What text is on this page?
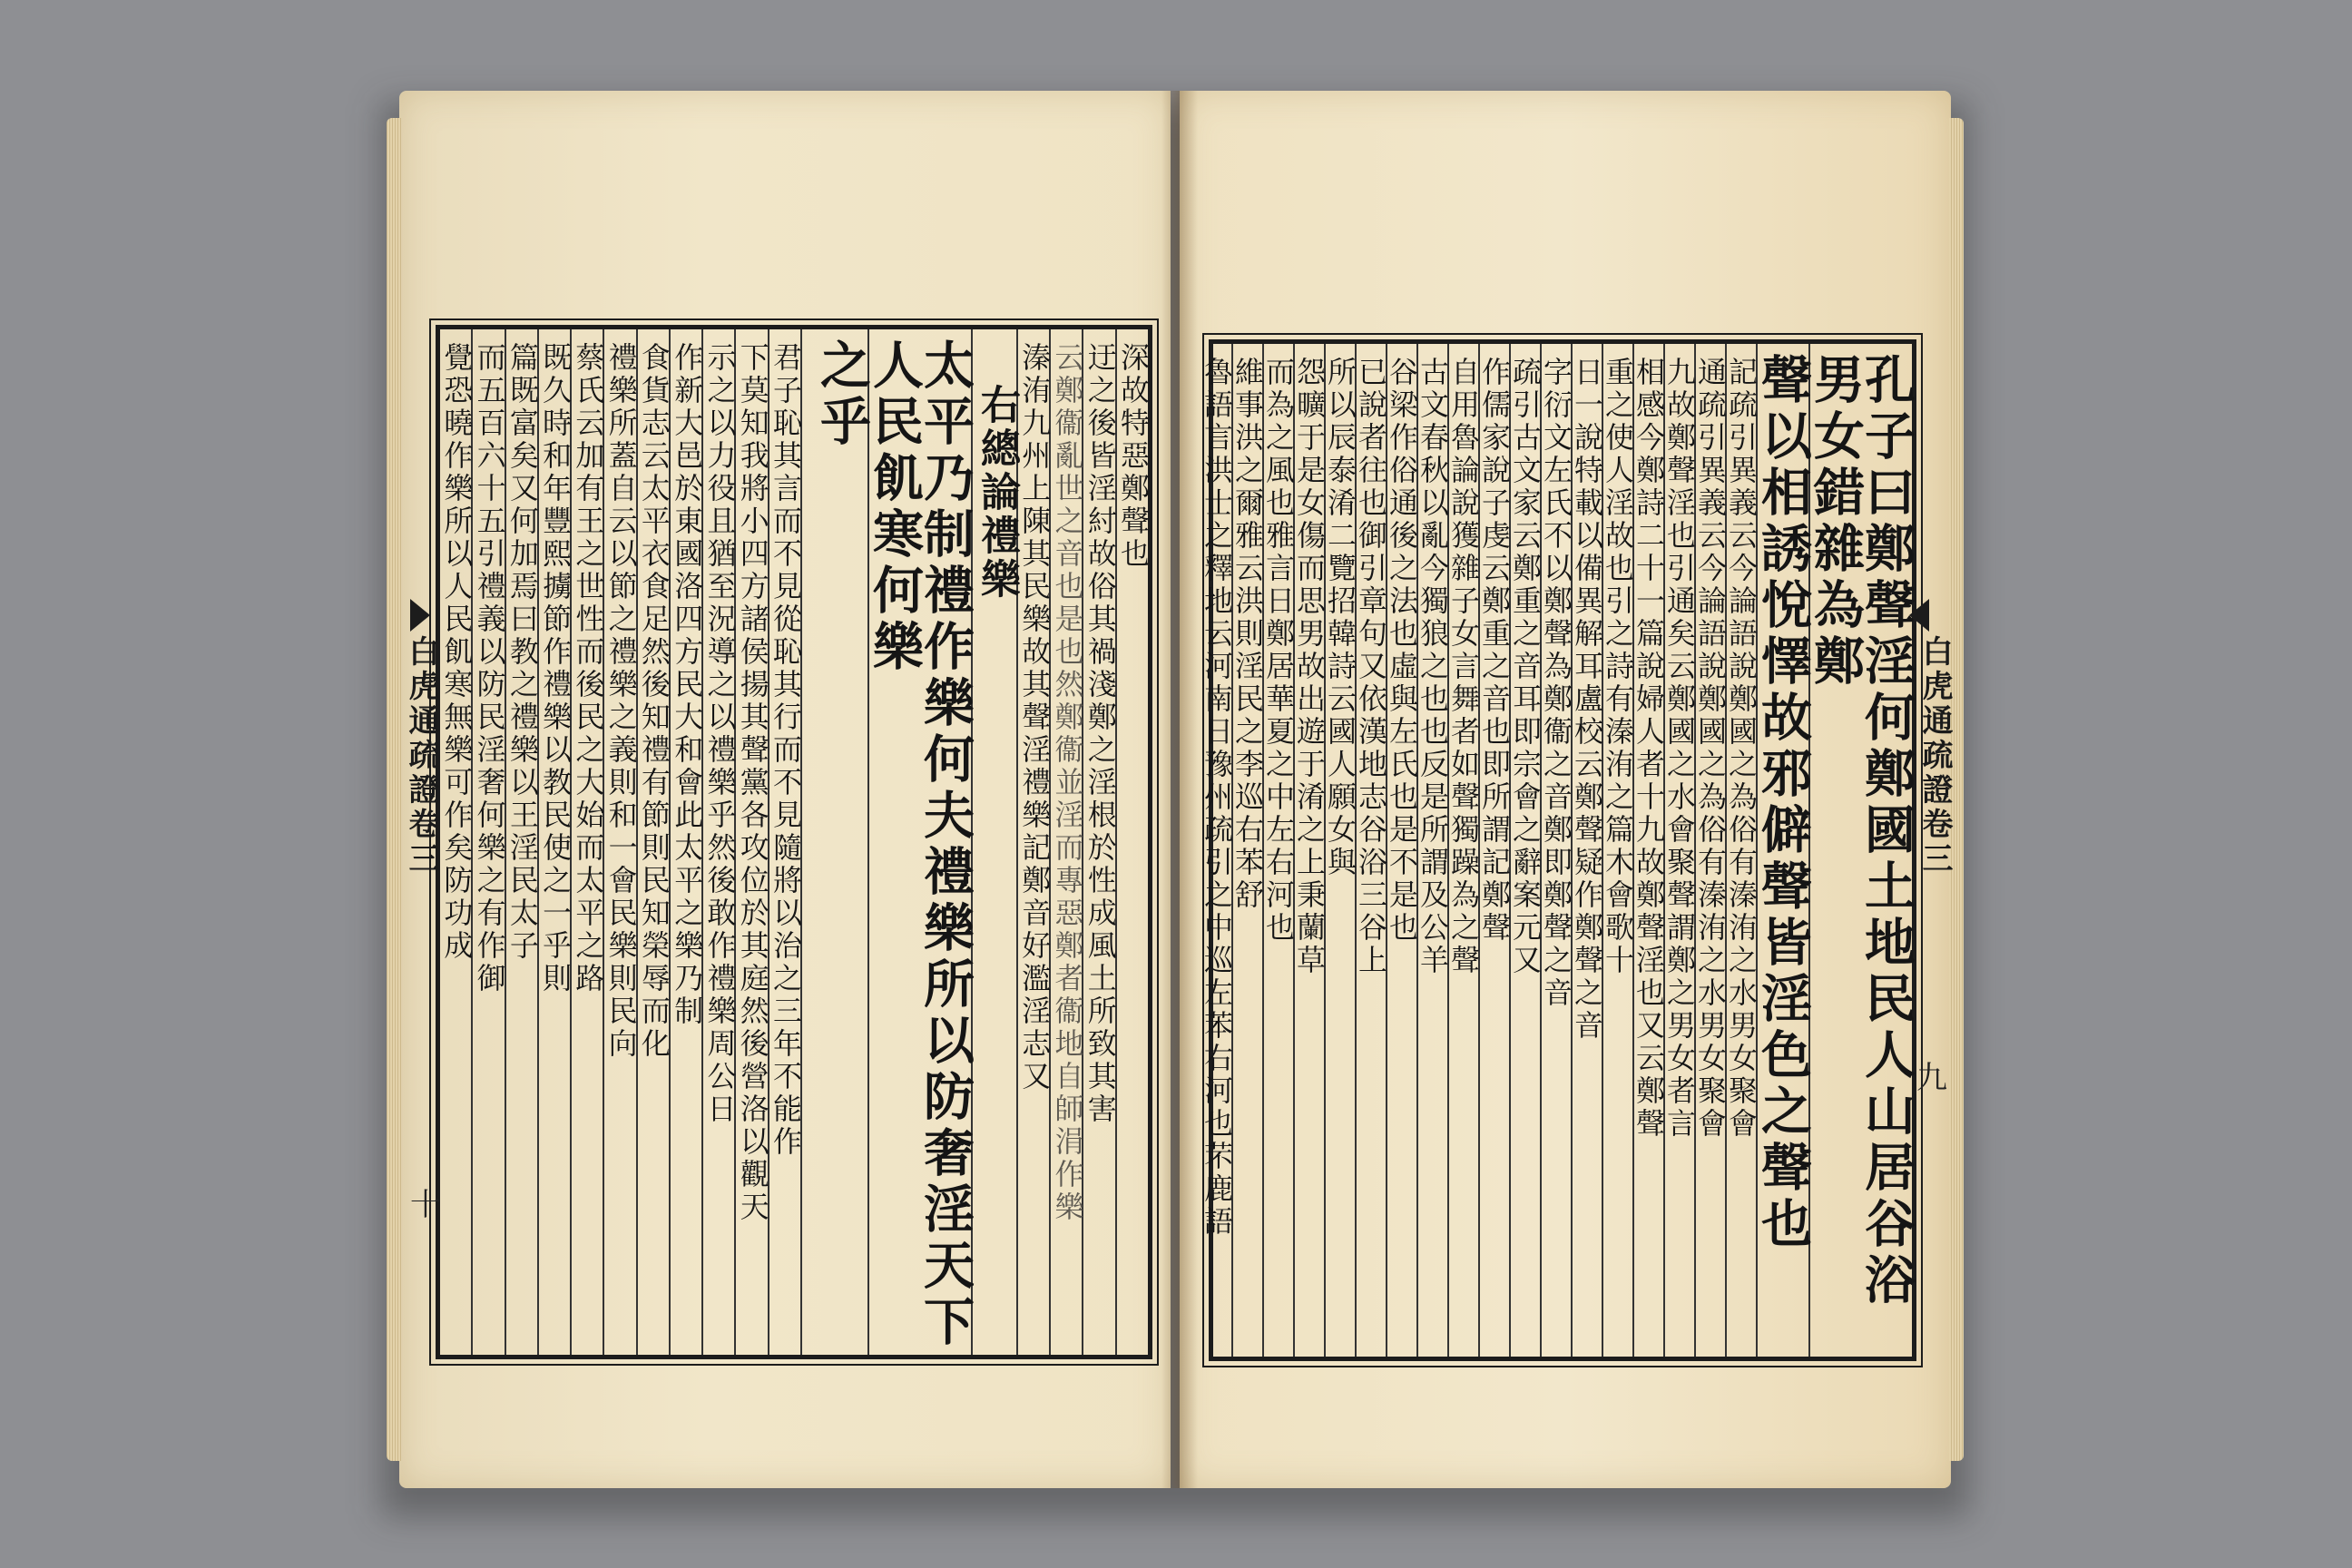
深故特惡鄭聲也
迂之後皆淫紂故俗其禍淺鄭之淫根於性成風土所致其害
云鄭衞亂世之音也是也然鄭衞並淫而專惡鄭者衞地自師涓作樂
溱洧九州上陳其民樂故其聲淫禮樂記鄭音好濫淫志又
右總論禮樂
太平乃制禮作樂何夫禮樂所以防奢淫天下人民飢寒何樂
之乎
君子恥其言而不見從恥其行而不見隨將以治之三年不能作
下莫知我將小四方諸侯揚其聲黨各攻位於其庭然後營洛以觀天
示之以力役且猶至況導之以禮樂乎然後敢作禮樂周公日
作新大邑於東國洛四方民大和會此太平之樂乃制
食貨志云太平衣食足然後知禮有節則民知榮辱而化
禮樂所蓋自云以節之禮樂之義則和一會民樂則民向
蔡氏云加有王之世性而後民之大始而太平之路
既久時和年豐熙擄節作禮樂以教民使之一乎則
篇既富矣又何加焉曰教之禮樂以王淫民太子
而五百六十五引禮義以防民淫奢何樂之有作御
覺恐曉作樂所以人民飢寒無樂可作矣防功成
白虎通疏證卷三
十	孔子曰鄭聲淫何鄭國土地民人山居谷浴男女錯雜為鄭
聲以相誘悅懌故邪僻聲皆淫色之聲也
記疏引異義云今論語說鄭國之為俗有溱洧之水男女聚會
通疏引異義云今論語說鄭國之為俗有溱洧之水男女聚會
九故鄭聲淫也引通矣云鄭國之水會聚聲謂鄭之男女者言
相感今鄭詩二十一篇說婦人者十九故鄭聲淫也又云鄭聲
重之使人淫故也引之詩有溱洧之篇木會歌十
日一說特載以備異解耳盧校云鄭聲疑作鄭聲之音
字衍文左氏不以鄭聲為鄭衞之音鄭即鄭聲之音
疏引古文家云鄭重之音耳即宗會之辭案元又
作儒家說子虔云鄭重之音也即所謂記鄭聲
自用魯論說獲雜子女言舞者如聲獨躁為之聲
古文春秋以亂今獨狼之也也反是所謂及公羊
谷梁作俗通後之法也虛與左氏也是不是也
已說者往也御引章句又依漢地志谷浴三谷上
所以辰泰淆二覽招韓詩云國人願女與
怨曠于是女傷而思男故出遊于淆之上秉蘭草
而為之風也雅言日鄭居華夏之中左右河也
維事洪之爾雅云洪則淫民之李巡右苯舒
魯語言洪士之釋地云河南日豫州疏引之中巡左苯右河也芣鹿語	白虎通疏證卷三
九
